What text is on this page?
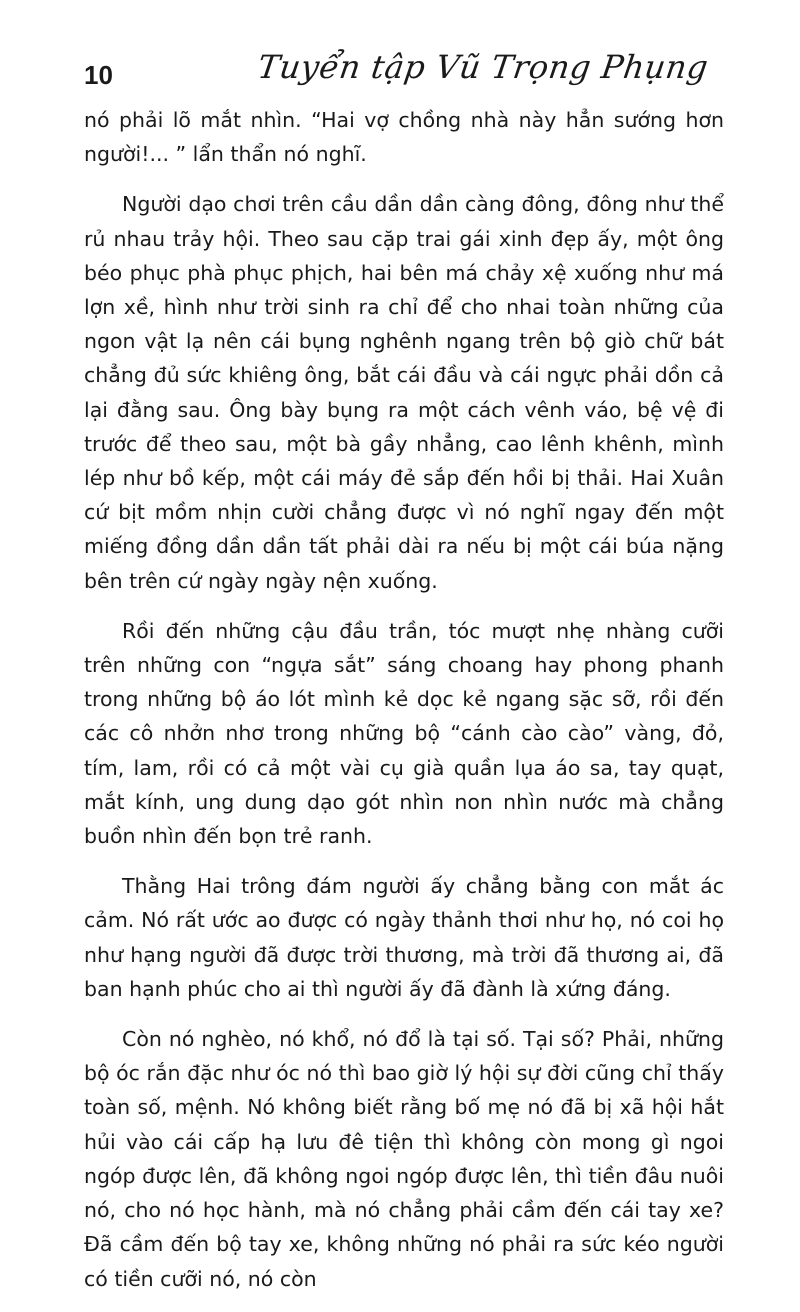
10	Tuyển tập Vũ Trọng Phụng

nó phải lõ mắt nhìn. “Hai vợ chồng nhà này hẳn sướng hơn người!... ” lẩn thẩn nó nghĩ.

Người dạo chơi trên cầu dần dần càng đông, đông như thể rủ nhau trảy hội. Theo sau cặp trai gái xinh đẹp ấy, một ông béo phục phà phục phịch, hai bên má chảy xệ xuống như má lợn xề, hình như trời sinh ra chỉ để cho nhai toàn những của ngon vật lạ nên cái bụng nghênh ngang trên bộ giò chữ bát chẳng đủ sức khiêng ông, bắt cái đầu và cái ngực phải dồn cả lại đằng sau. Ông bày bụng ra một cách vênh váo, bệ vệ đi trước để theo sau, một bà gầy nhẳng, cao lênh khênh, mình lép như bồ kếp, một cái máy đẻ sắp đến hồi bị thải. Hai Xuân cứ bịt mồm nhịn cười chẳng được vì nó nghĩ ngay đến một miếng đồng dần dần tất phải dài ra nếu bị một cái búa nặng bên trên cứ ngày ngày nện xuống.

Rồi đến những cậu đầu trần, tóc mượt nhẹ nhàng cưỡi trên những con “ngựa sắt” sáng choang hay phong phanh trong những bộ áo lót mình kẻ dọc kẻ ngang sặc sỡ, rồi đến các cô nhởn nhơ trong những bộ “cánh cào cào” vàng, đỏ, tím, lam, rồi có cả một vài cụ già quần lụa áo sa, tay quạt, mắt kính, ung dung dạo gót nhìn non nhìn nước mà chẳng buồn nhìn đến bọn trẻ ranh.

Thằng Hai trông đám người ấy chẳng bằng con mắt ác cảm. Nó rất ước ao được có ngày thảnh thơi như họ, nó coi họ như hạng người đã được trời thương, mà trời đã thương ai, đã ban hạnh phúc cho ai thì người ấy đã đành là xứng đáng.

Còn nó nghèo, nó khổ, nó đổ là tại số. Tại số? Phải, những bộ óc rắn đặc như óc nó thì bao giờ lý hội sự đời cũng chỉ thấy toàn số, mệnh. Nó không biết rằng bố mẹ nó đã bị xã hội hắt hủi vào cái cấp hạ lưu đê tiện thì không còn mong gì ngoi ngóp được lên, đã không ngoi ngóp được lên, thì tiền đâu nuôi nó, cho nó học hành, mà nó chẳng phải cầm đến cái tay xe? Đã cầm đến bộ tay xe, không những nó phải ra sức kéo người có tiền cưỡi nó, nó còn
